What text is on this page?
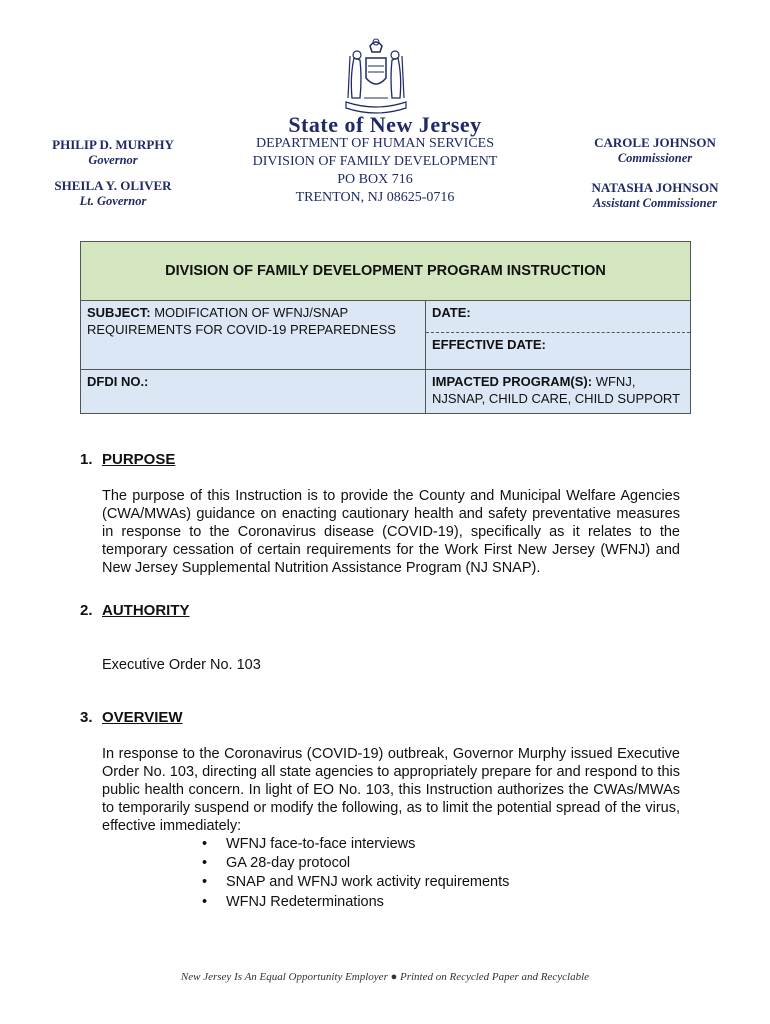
State of New Jersey
PHILIP D. MURPHY
Governor
SHEILA Y. OLIVER
Lt. Governor
DEPARTMENT OF HUMAN SERVICES
DIVISION OF FAMILY DEVELOPMENT
PO BOX 716
TRENTON, NJ 08625-0716
CAROLE JOHNSON
Commissioner
NATASHA JOHNSON
Assistant Commissioner
DIVISION OF FAMILY DEVELOPMENT PROGRAM INSTRUCTION	

SUBJECT: MODIFICATION OF WFNJ/SNAP REQUIREMENTS FOR COVID-19 PREPAREDNESS	DATE:
EFFECTIVE DATE:

DFDI NO.:	IMPACTED PROGRAM(S): WFNJ, NJSNAP, CHILD CARE, CHILD SUPPORT
1. PURPOSE
The purpose of this Instruction is to provide the County and Municipal Welfare Agencies (CWA/MWAs) guidance on enacting cautionary health and safety preventative measures in response to the Coronavirus disease (COVID-19), specifically as it relates to the temporary cessation of certain requirements for the Work First New Jersey (WFNJ) and New Jersey Supplemental Nutrition Assistance Program (NJ SNAP).
2. AUTHORITY
Executive Order No. 103
3. OVERVIEW
In response to the Coronavirus (COVID-19) outbreak, Governor Murphy issued Executive Order No. 103, directing all state agencies to appropriately prepare for and respond to this public health concern. In light of EO No. 103, this Instruction authorizes the CWAs/MWAs to temporarily suspend or modify the following, as to limit the potential spread of the virus, effective immediately:
• WFNJ face-to-face interviews
• GA 28-day protocol
• SNAP and WFNJ work activity requirements
• WFNJ Redeterminations
New Jersey Is An Equal Opportunity Employer ● Printed on Recycled Paper and Recyclable
